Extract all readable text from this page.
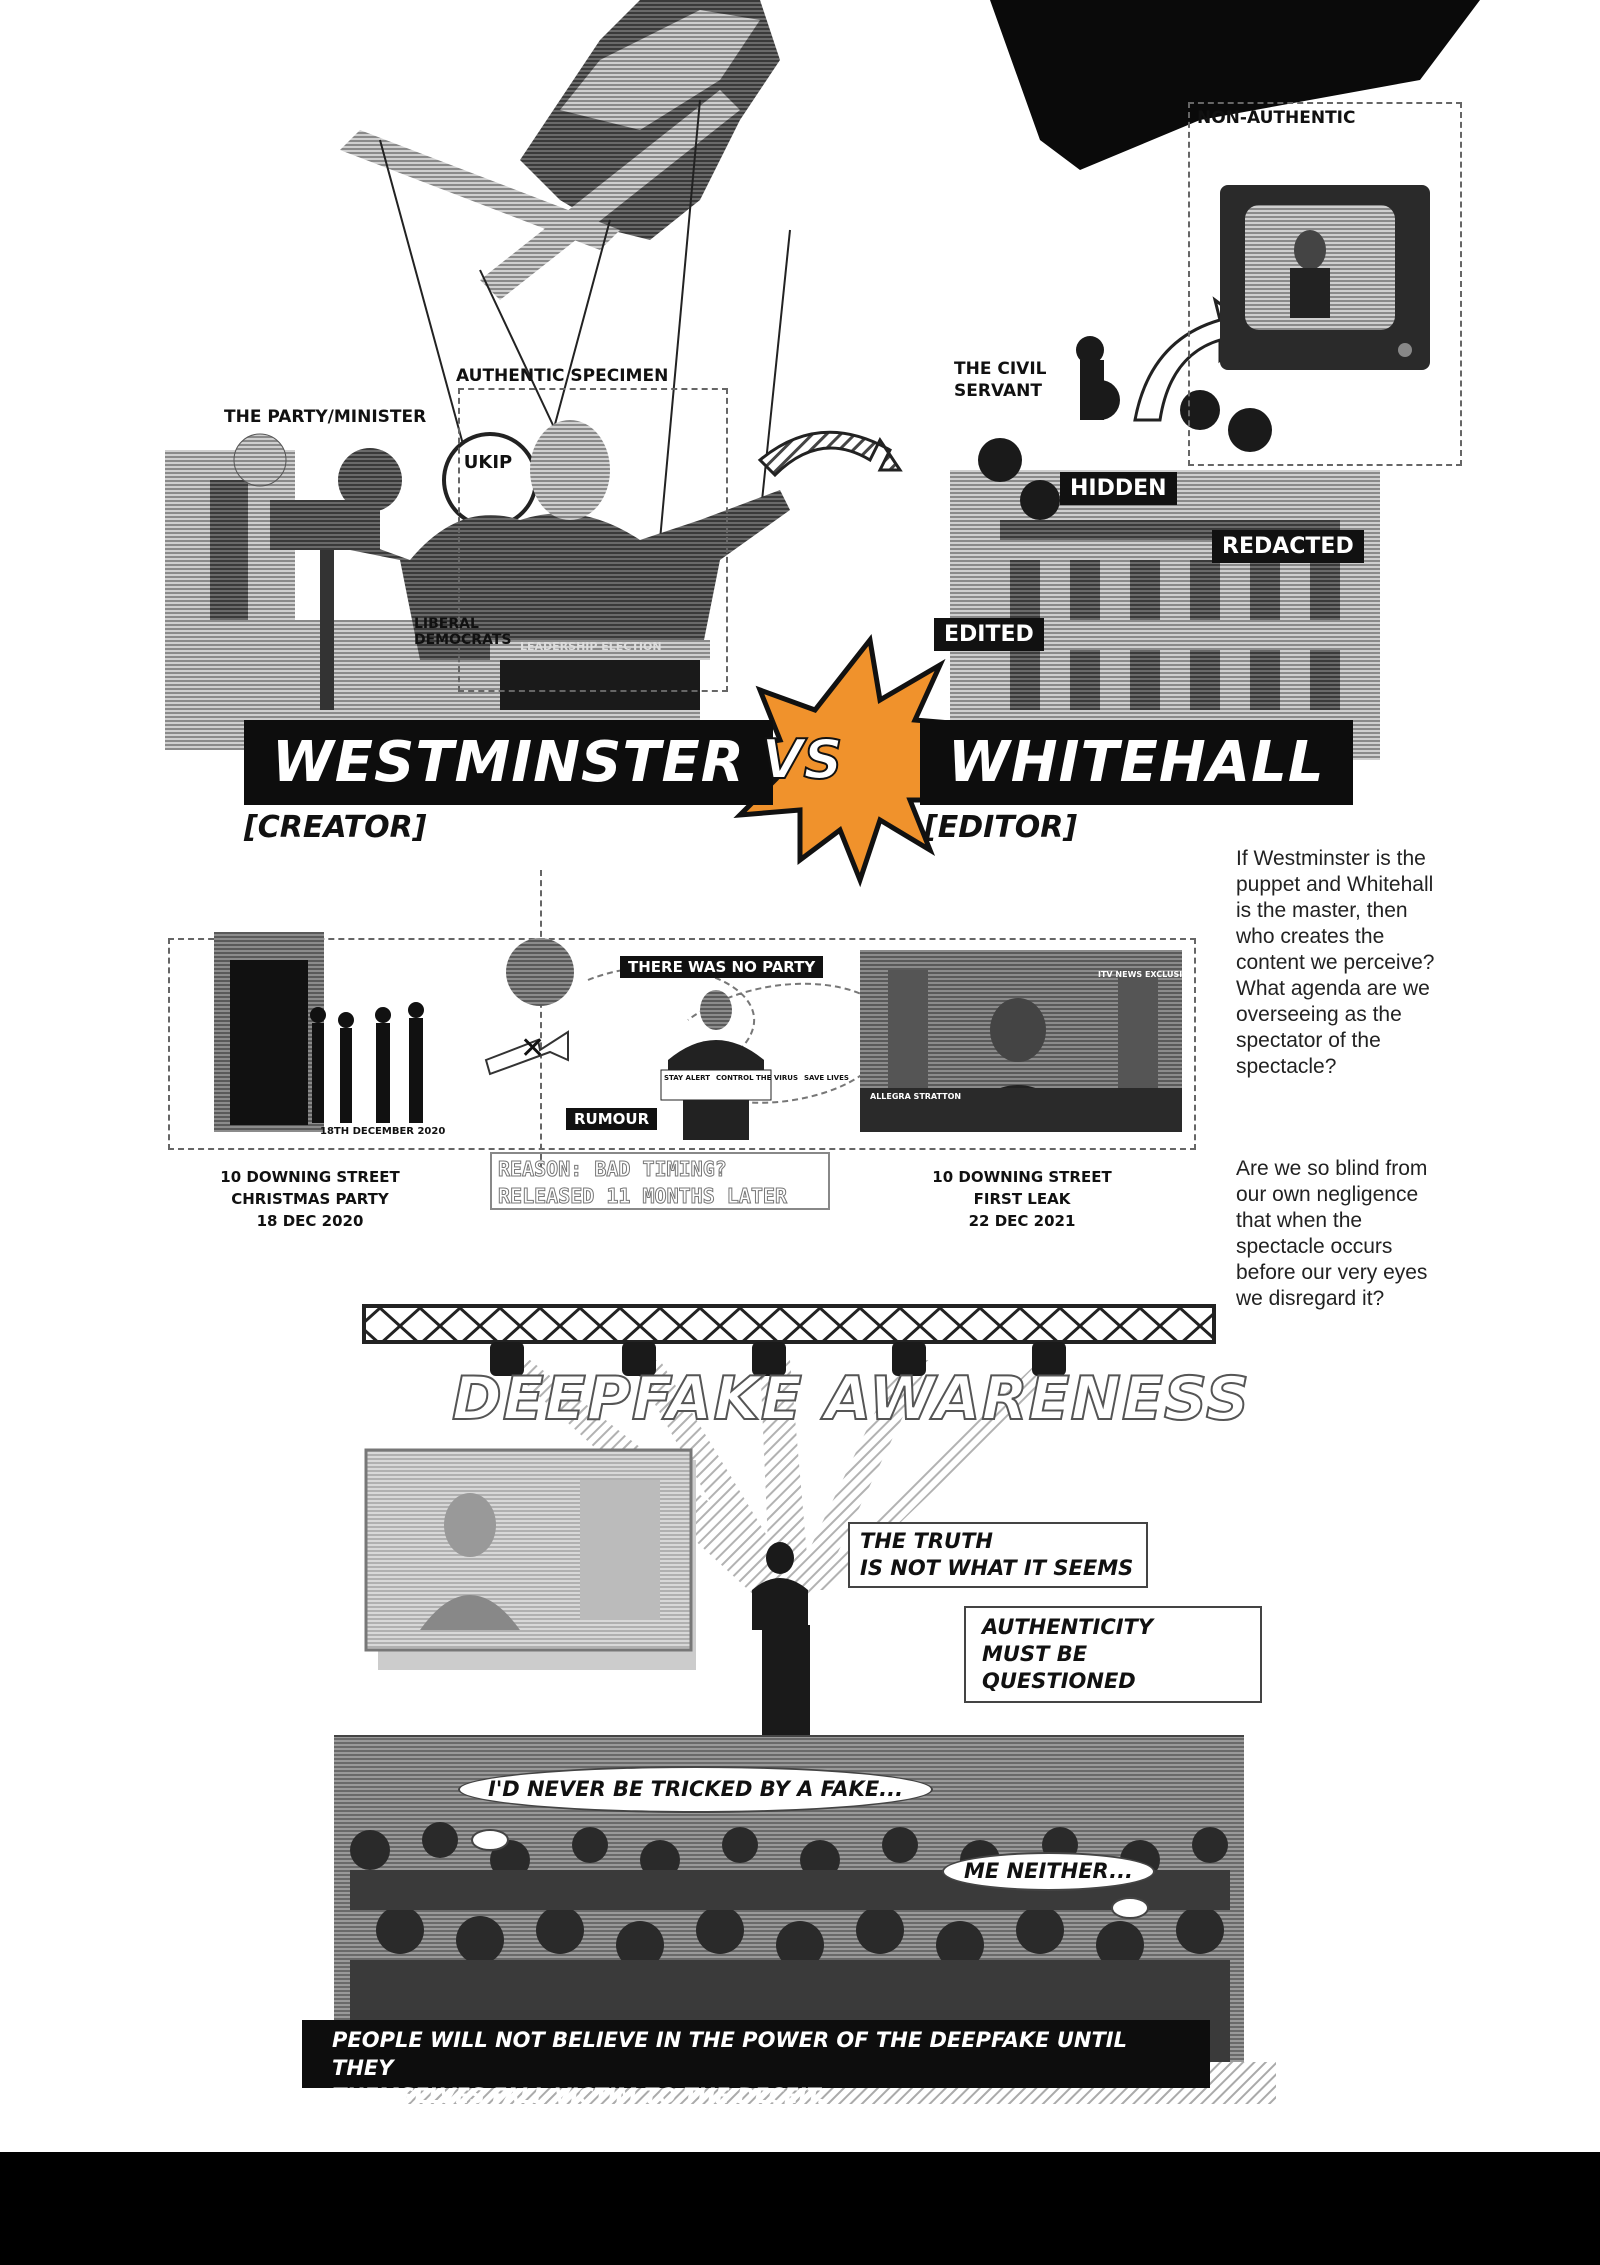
THE PARTY/MINISTER
AUTHENTIC SPECIMEN	THE CIVIL SERVANT
NON-AUTHENTIC
UKIP
LIBERAL DEMOCRATS LEADERSHIP ELECTION
HIDDEN
REDACTED
EDITED
WESTMINSTER VS	WHITEHALL
[CREATOR]	[EDITOR]
If Westminster is the puppet and Whitehall is the master, then who creates the content we perceive? What agenda are we overseeing as the spectator of the spectacle?
Are we so blind from our own negligence that when the spectacle occurs before our very eyes we disregard it?
✕
18TH DECEMBER 2020
THERE WAS NO PARTY
RUMOUR
STAY ALERT CONTROL THE VIRUS SAVE LIVES
ITV NEWS EXCLUSIVE
ALLEGRA STRATTON
10 DOWNING STREET
CHRISTMAS PARTY
18 DEC 2020
REASON: BAD TIMING?
RELEASED 11 MONTHS LATER
10 DOWNING STREET
FIRST LEAK
22 DEC 2021
DEEPFAKE AWARENESS
THE TRUTH
IS NOT WHAT IT SEEMS
AUTHENTICITY
MUST BE QUESTIONED
I'D NEVER BE TRICKED BY A FAKE...
ME NEITHER...
PEOPLE WILL NOT BELIEVE IN THE POWER OF THE DEEPFAKE UNTIL THEY
THEMSELVES FALL VICTIM TO THE DECEIT.
